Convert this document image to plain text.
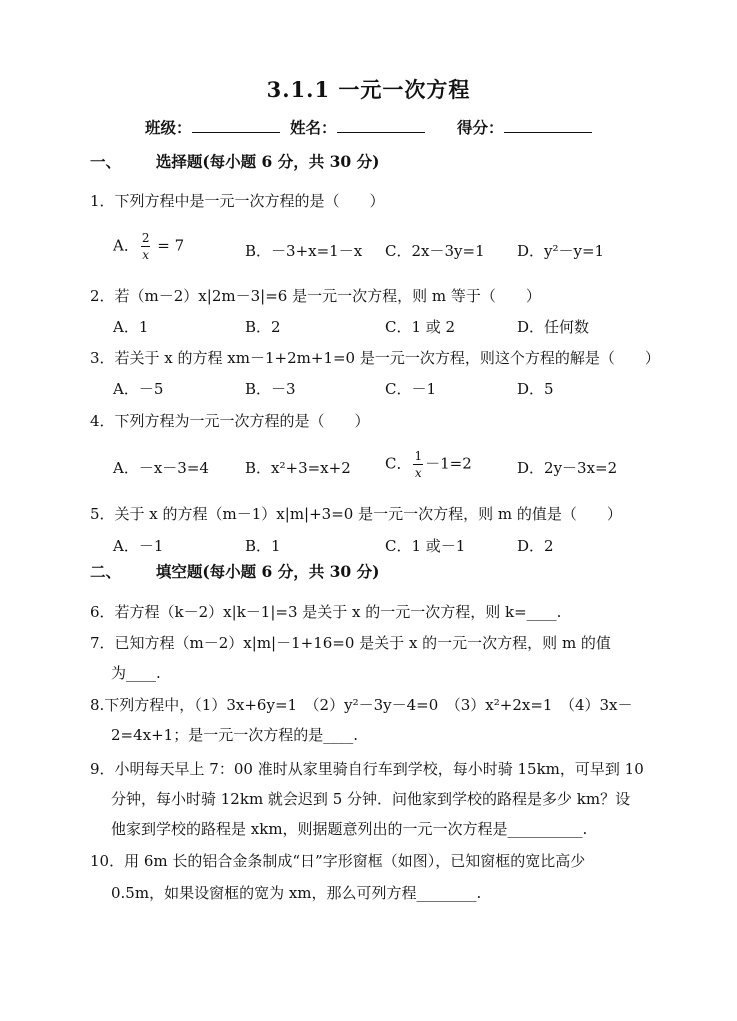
3.1.1 一元一次方程
班级：	姓名：	得分：
一、 选择题(每小题 6 分，共 30 分)
1．下列方程中是一元一次方程的是（　　）
A． $\frac{2}{x} = 7$	B．－3+x=1－x C．2x－3y=1 D．y²－y=1
2．若（m－2）x|2m－3|=6 是一元一次方程，则 m 等于（　　）
A．1	B．2	C．1 或 2	D．任何数
3．若关于 x 的方程 xm－1+2m+1=0 是一元一次方程，则这个方程的解是（　　）
A．－5	B．－3	C．－1	D．5
4．下列方程为一元一次方程的是（　　）
A．－x－3=4 B．x²+3=x+2 C． $\frac{1}{x} -1=2$	D．2y－3x=2
5．关于 x 的方程（m－1）x|m|+3=0 是一元一次方程，则 m 的值是（　　）
A．－1	B．1	C．1 或－1	D．2
二、 填空题(每小题 6 分，共 30 分)
6．若方程（k－2）x|k－1|=3 是关于 x 的一元一次方程，则 k=____.
7．已知方程（m－2）x|m|－1+16=0 是关于 x 的一元一次方程，则 m 的值
为____.
8.下列方程中，（1）3x+6y=1　（2）y²－3y－4=0　（3）x²+2x=1　（4）3x－
2=4x+1；是一元一次方程的是____.
9．小明每天早上 7：00 准时从家里骑自行车到学校，每小时骑 15km，可早到 10
分钟，每小时骑 12km 就会迟到 5 分钟．问他家到学校的路程是多少 km？设
他家到学校的路程是 xkm，则据题意列出的一元一次方程是__________.
10．用 6m 长的铝合金条制成“日”字形窗框（如图），已知窗框的宽比高少
0.5m，如果设窗框的宽为 xm，那么可列方程________.
